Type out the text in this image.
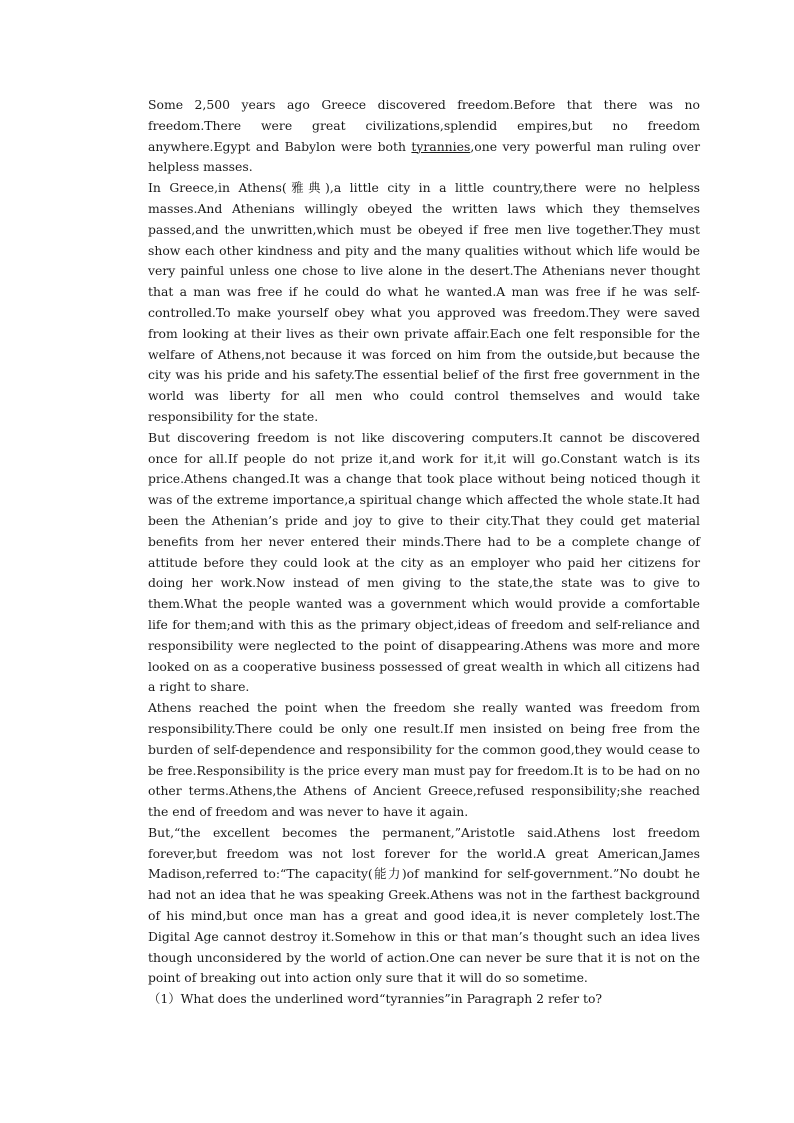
Some 2,500 years ago Greece discovered freedom.Before that there was no freedom.There were great civilizations,splendid empires,but no freedom anywhere.Egypt and Babylon were both tyrannies,one very powerful man ruling over helpless masses.

In Greece,in Athens(雅典),a little city in a little country,there were no helpless masses.And Athenians willingly obeyed the written laws which they themselves passed,and the unwritten,which must be obeyed if free men live together.They must show each other kindness and pity and the many qualities without which life would be very painful unless one chose to live alone in the desert.The Athenians never thought that a man was free if he could do what he wanted.A man was free if he was self-controlled.To make yourself obey what you approved was freedom.They were saved from looking at their lives as their own private affair.Each one felt responsible for the welfare of Athens,not because it was forced on him from the outside,but because the city was his pride and his safety.The essential belief of the first free government in the world was liberty for all men who could control themselves and would take responsibility for the state.

But discovering freedom is not like discovering computers.It cannot be discovered once for all.If people do not prize it,and work for it,it will go.Constant watch is its price.Athens changed.It was a change that took place without being noticed though it was of the extreme importance,a spiritual change which affected the whole state.It had been the Athenian’s pride and joy to give to their city.That they could get material benefits from her never entered their minds.There had to be a complete change of attitude before they could look at the city as an employer who paid her citizens for doing her work.Now instead of men giving to the state,the state was to give to them.What the people wanted was a government which would provide a comfortable life for them;and with this as the primary object,ideas of freedom and self-reliance and responsibility were neglected to the point of disappearing.Athens was more and more looked on as a cooperative business possessed of great wealth in which all citizens had a right to share.

Athens reached the point when the freedom she really wanted was freedom from responsibility.There could be only one result.If men insisted on being free from the burden of self-dependence and responsibility for the common good,they would cease to be free.Responsibility is the price every man must pay for freedom.It is to be had on no other terms.Athens,the Athens of Ancient Greece,refused responsibility;she reached the end of freedom and was never to have it again.

But,“the excellent becomes the permanent,”Aristotle said.Athens lost freedom forever,but freedom was not lost forever for the world.A great American,James Madison,referred to:“The capacity(能力)of mankind for self-government.”No doubt he had not an idea that he was speaking Greek.Athens was not in the farthest background of his mind,but once man has a great and good idea,it is never completely lost.The Digital Age cannot destroy it.Somehow in this or that man’s thought such an idea lives though unconsidered by the world of action.One can never be sure that it is not on the point of breaking out into action only sure that it will do so sometime.

（1）What does the underlined word“tyrannies”in Paragraph 2 refer to?
